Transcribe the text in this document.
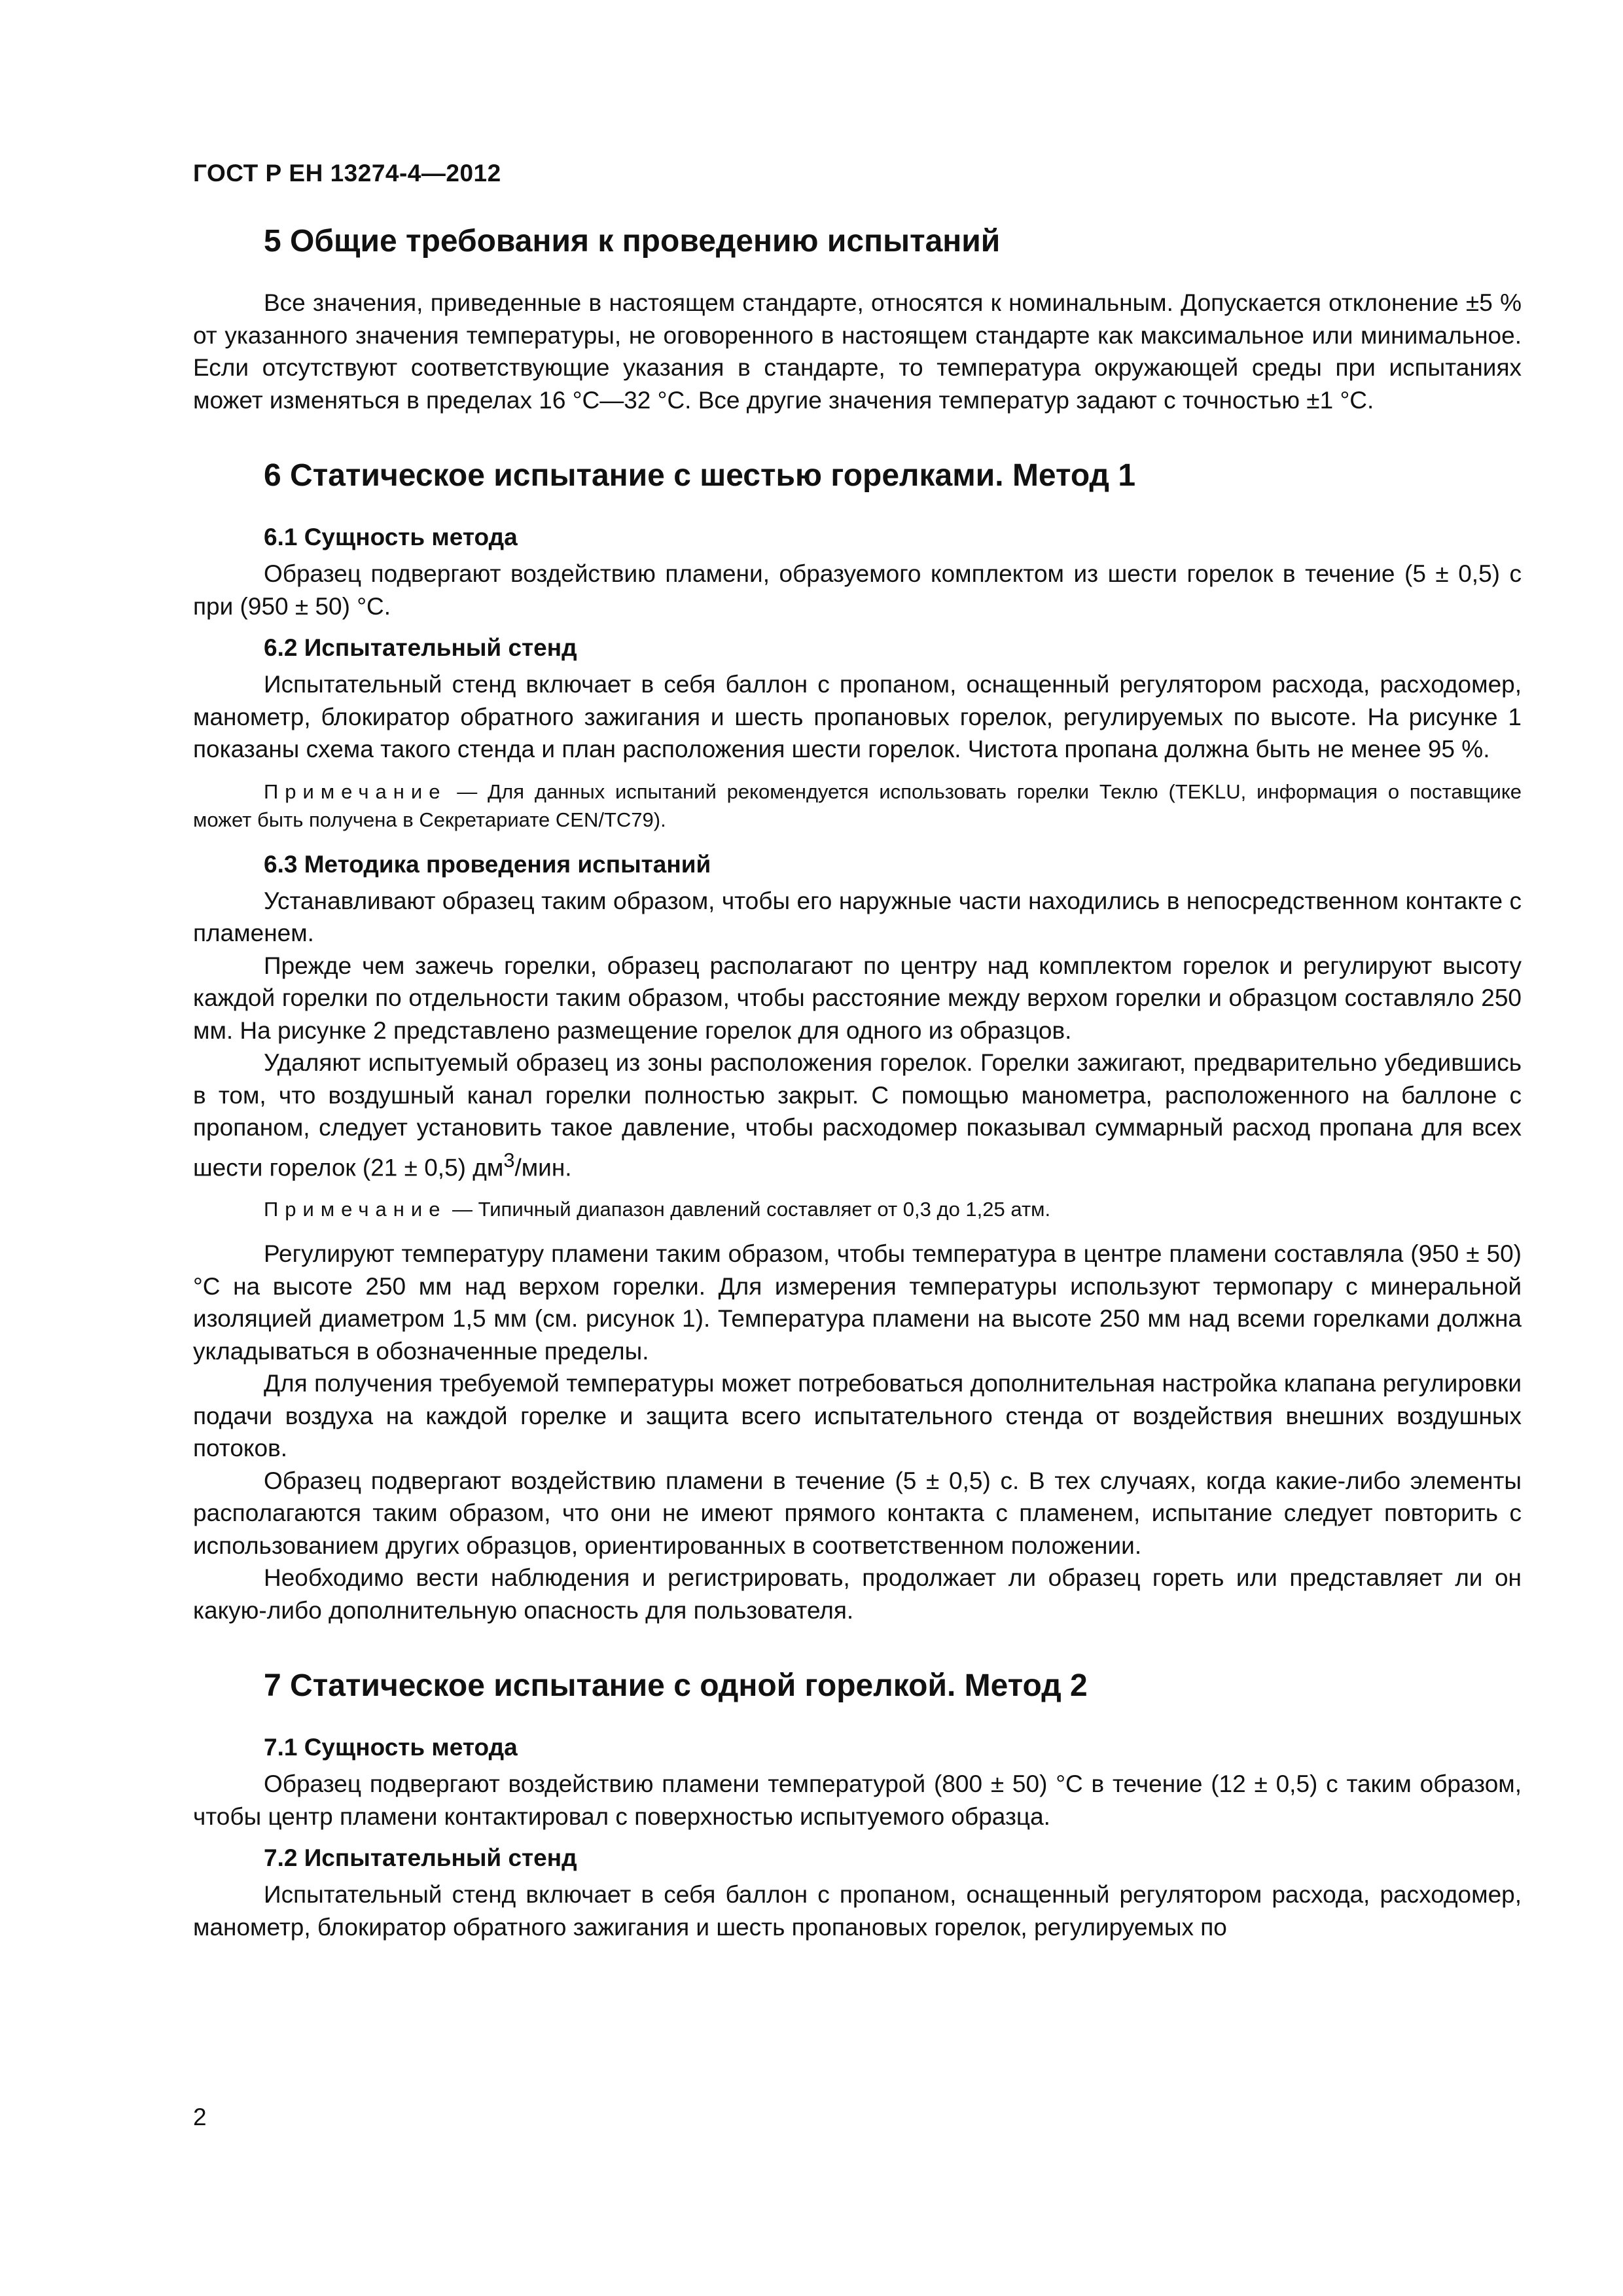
ГОСТ Р ЕН 13274-4—2012
5 Общие требования к проведению испытаний

Все значения, приведенные в настоящем стандарте, относятся к номинальным. Допускается отклонение ±5 % от указанного значения температуры, не оговоренного в настоящем стандарте как максимальное или минимальное. Если отсутствуют соответствующие указания в стандарте, то температура окружающей среды при испытаниях может изменяться в пределах 16 °С—32 °С. Все другие значения температур задают с точностью ±1 °С.

6 Статическое испытание с шестью горелками. Метод 1
6.1 Сущность метода

Образец подвергают воздействию пламени, образуемого комплектом из шести горелок в течение (5 ± 0,5) с при (950 ± 50) °С.

6.2 Испытательный стенд

Испытательный стенд включает в себя баллон с пропаном, оснащенный регулятором расхода, расходомер, манометр, блокиратор обратного зажигания и шесть пропановых горелок, регулируемых по высоте. На рисунке 1 показаны схема такого стенда и план расположения шести горелок. Чистота пропана должна быть не менее 95 %.

Примечание — Для данных испытаний рекомендуется использовать горелки Теклю (TEKLU, информация о поставщике может быть получена в Секретариате CEN/TC79).

6.3 Методика проведения испытаний

Устанавливают образец таким образом, чтобы его наружные части находились в непосредственном контакте с пламенем.

Прежде чем зажечь горелки, образец располагают по центру над комплектом горелок и регулируют высоту каждой горелки по отдельности таким образом, чтобы расстояние между верхом горелки и образцом составляло 250 мм. На рисунке 2 представлено размещение горелок для одного из образцов.

Удаляют испытуемый образец из зоны расположения горелок. Горелки зажигают, предварительно убедившись в том, что воздушный канал горелки полностью закрыт. С помощью манометра, расположенного на баллоне с пропаном, следует установить такое давление, чтобы расходомер показывал суммарный расход пропана для всех шести горелок (21 ± 0,5) $дм^3$/мин.

Примечание — Типичный диапазон давлений составляет от 0,3 до 1,25 атм.

Регулируют температуру пламени таким образом, чтобы температура в центре пламени составляла (950 ± 50) °С на высоте 250 мм над верхом горелки. Для измерения температуры используют термопару с минеральной изоляцией диаметром 1,5 мм (см. рисунок 1). Температура пламени на высоте 250 мм над всеми горелками должна укладываться в обозначенные пределы.

Для получения требуемой температуры может потребоваться дополнительная настройка клапана регулировки подачи воздуха на каждой горелке и защита всего испытательного стенда от воздействия внешних воздушных потоков.

Образец подвергают воздействию пламени в течение (5 ± 0,5) с. В тех случаях, когда какие-либо элементы располагаются таким образом, что они не имеют прямого контакта с пламенем, испытание следует повторить с использованием других образцов, ориентированных в соответственном положении.

Необходимо вести наблюдения и регистрировать, продолжает ли образец гореть или представляет ли он какую-либо дополнительную опасность для пользователя.

7 Статическое испытание с одной горелкой. Метод 2
7.1 Сущность метода

Образец подвергают воздействию пламени температурой (800 ± 50) °С в течение (12 ± 0,5) с таким образом, чтобы центр пламени контактировал с поверхностью испытуемого образца.

7.2 Испытательный стенд

Испытательный стенд включает в себя баллон с пропаном, оснащенный регулятором расхода, расходомер, манометр, блокиратор обратного зажигания и шесть пропановых горелок, регулируемых по

2
